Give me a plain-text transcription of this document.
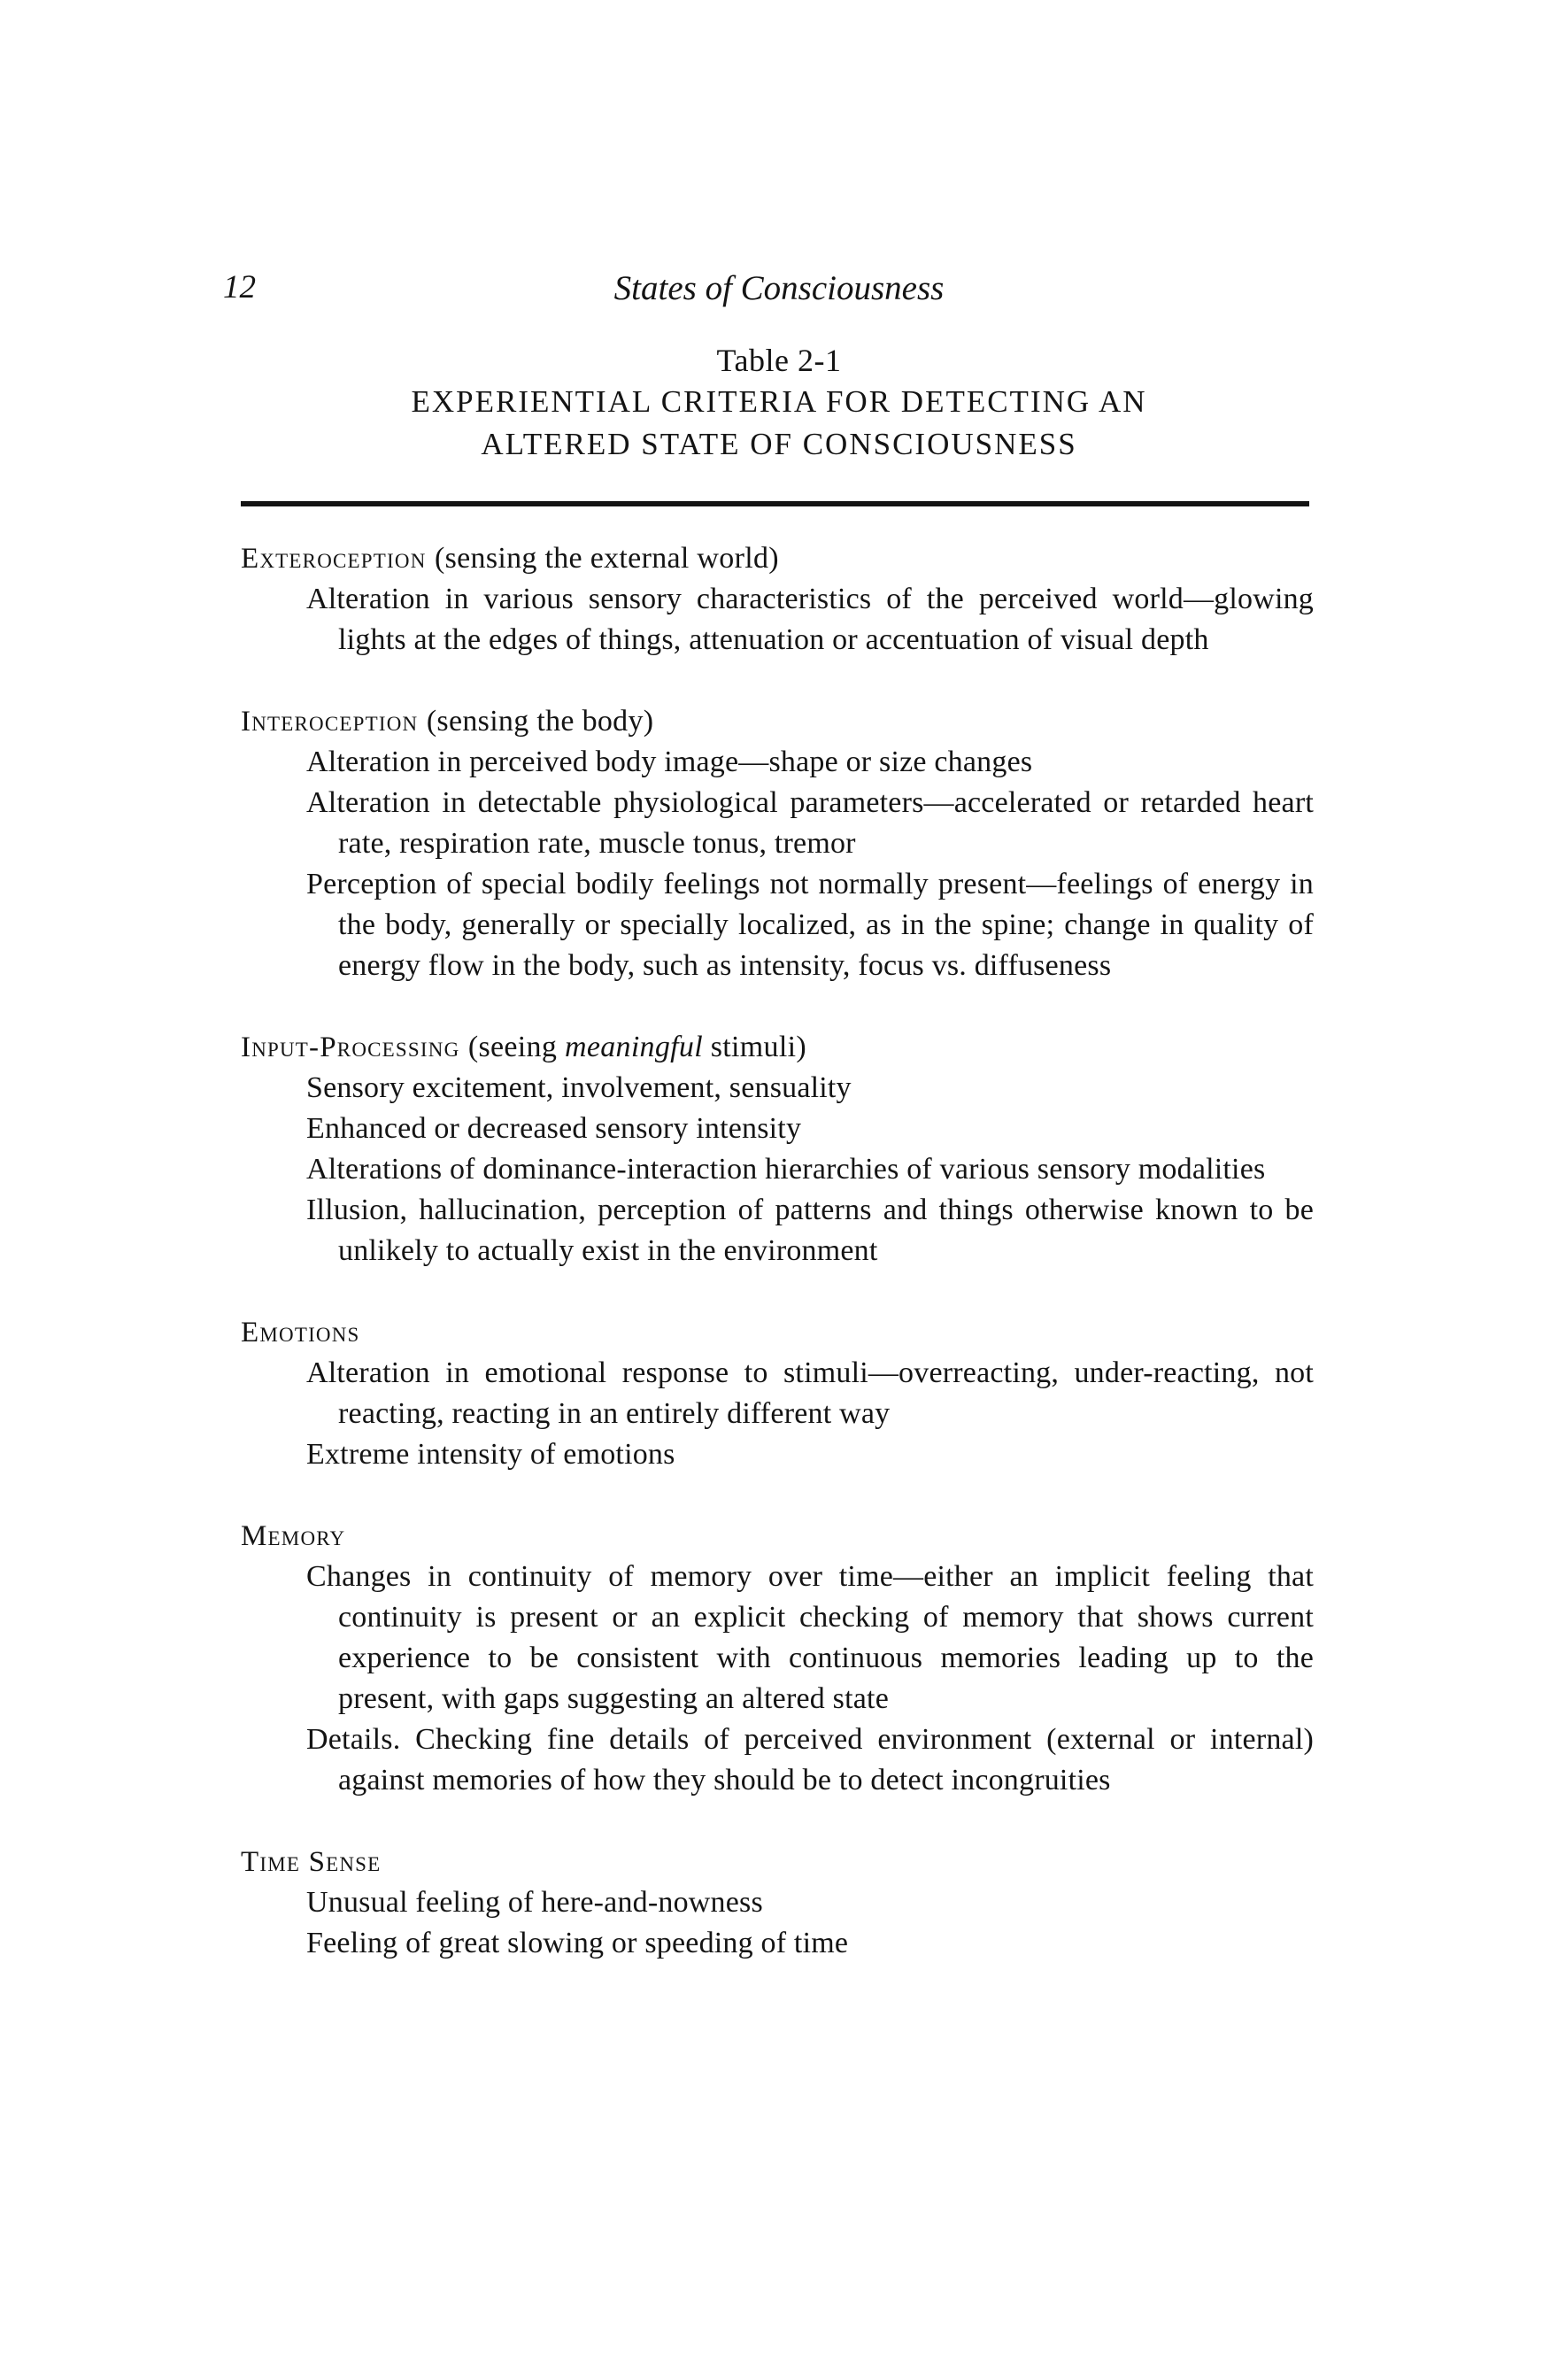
12	States of Consciousness
Table 2-1
EXPERIENTIAL CRITERIA FOR DETECTING AN
ALTERED STATE OF CONSCIOUSNESS
Exteroception (sensing the external world)
Alteration in various sensory characteristics of the perceived world—glowing lights at the edges of things, attenuation or accentuation of visual depth
Interoception (sensing the body)
Alteration in perceived body image—shape or size changes
Alteration in detectable physiological parameters—accelerated or retarded heart rate, respiration rate, muscle tonus, tremor
Perception of special bodily feelings not normally present—feelings of energy in the body, generally or specially localized, as in the spine; change in quality of energy flow in the body, such as intensity, focus vs. diffuseness
Input-Processing (seeing meaningful stimuli)
Sensory excitement, involvement, sensuality
Enhanced or decreased sensory intensity
Alterations of dominance-interaction hierarchies of various sensory modalities
Illusion, hallucination, perception of patterns and things otherwise known to be unlikely to actually exist in the environment
Emotions
Alteration in emotional response to stimuli—overreacting, under-reacting, not reacting, reacting in an entirely different way
Extreme intensity of emotions
Memory
Changes in continuity of memory over time—either an implicit feeling that continuity is present or an explicit checking of memory that shows current experience to be consistent with continuous memories leading up to the present, with gaps suggesting an altered state
Details. Checking fine details of perceived environment (external or internal) against memories of how they should be to detect incongruities
Time Sense
Unusual feeling of here-and-nowness
Feeling of great slowing or speeding of time
